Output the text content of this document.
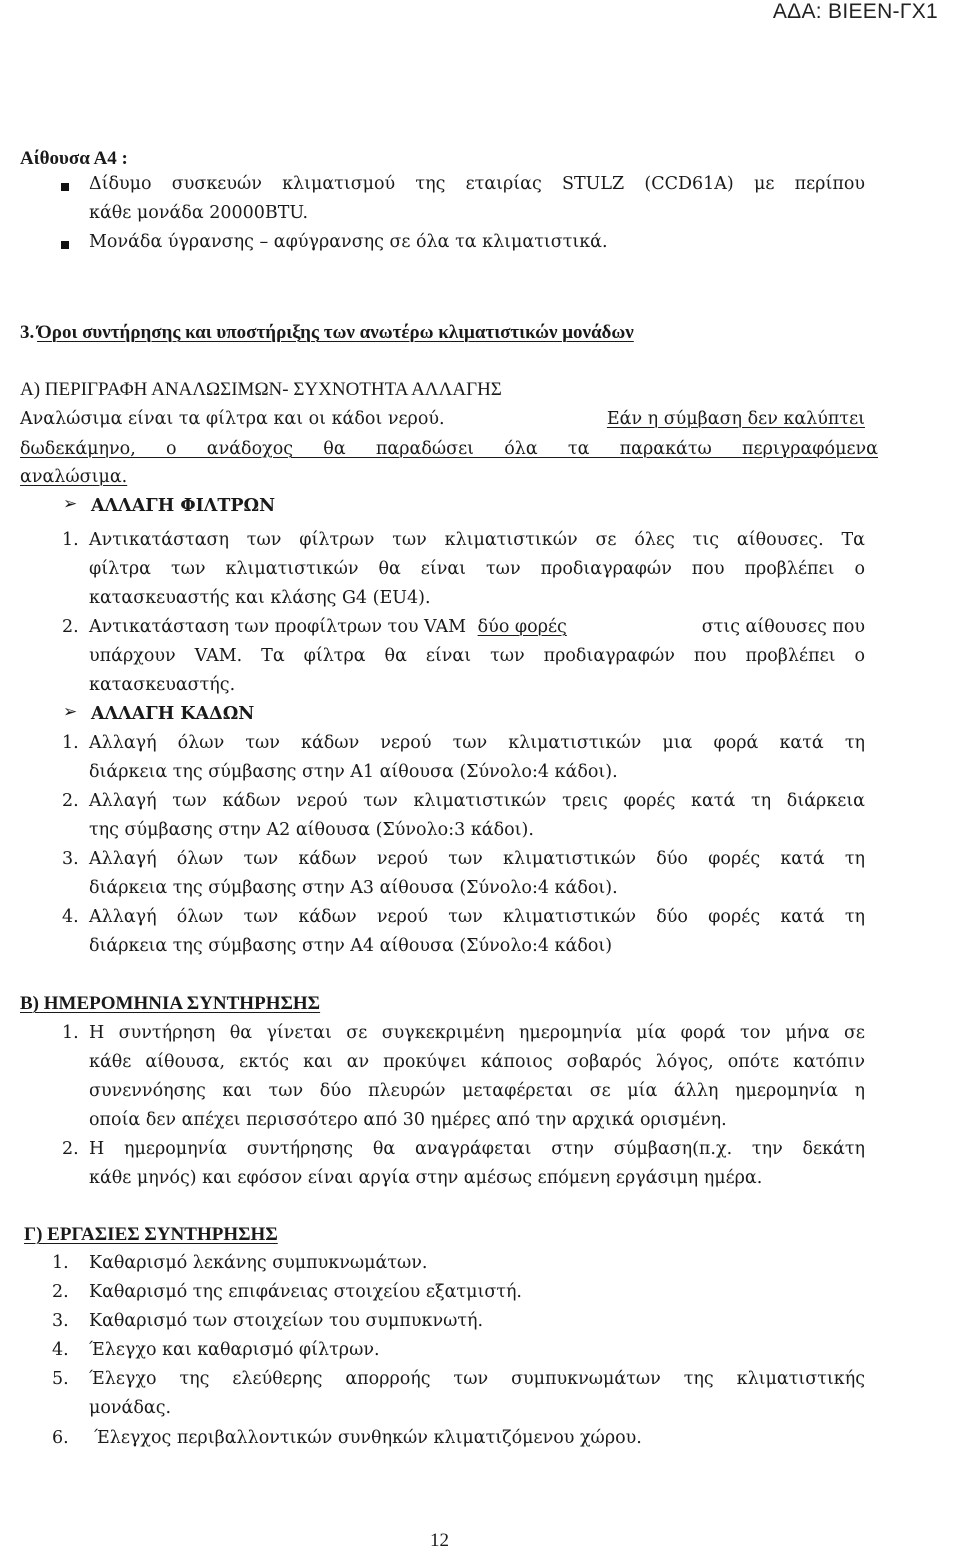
ΑΔΑ: ΒΙΕΕΝ-ΓΧ1
Αίθουσα Α4 :
Δίδυμο συσκευών κλιματισμού της εταιρίας STULZ (CCD61A) με περίπου
κάθε μονάδα 20000BTU.
Μονάδα ύγρανσης – αφύγρανσης σε όλα τα κλιματιστικά.
3. Όροι συντήρησης και υποστήριξης των ανωτέρω κλιματιστικών μονάδων
Α) ΠΕΡΙΓΡΑΦΗ ΑΝΑΛΩΣΙΜΩΝ- ΣΥΧΝΟΤΗΤΑ ΑΛΛΑΓΗΣ
Αναλώσιμα είναι τα φίλτρα και οι κάδοι νερού.	Εάν η σύμβαση δεν καλύπτει
δωδεκάμηνο, ο ανάδοχος θα παραδώσει όλα τα παρακάτω περιγραφόμενα
αναλώσιμα.
➢ ΑΛΛΑΓΗ ΦΙΛΤΡΩΝ
1. Αντικατάσταση των φίλτρων των κλιματιστικών σε όλες τις αίθουσες. Τα
φίλτρα των κλιματιστικών θα είναι των προδιαγραφών που προβλέπει ο
κατασκευαστής και κλάσης G4 (EU4).
2. Αντικατάσταση των προφίλτρων του VAM δύο φορές	στις αίθουσες που
υπάρχουν VAM. Τα φίλτρα θα είναι των προδιαγραφών που προβλέπει ο
κατασκευαστής.
➢ ΑΛΛΑΓΗ ΚΑΔΩΝ
1. Αλλαγή όλων των κάδων νερού των κλιματιστικών μια φορά κατά τη
διάρκεια της σύμβασης στην Α1 αίθουσα (Σύνολο:4 κάδοι).
2. Αλλαγή των κάδων νερού των κλιματιστικών τρεις φορές κατά τη διάρκεια
της σύμβασης στην Α2 αίθουσα (Σύνολο:3 κάδοι).
3. Αλλαγή όλων των κάδων νερού των κλιματιστικών δύο φορές κατά τη
διάρκεια της σύμβασης στην Α3 αίθουσα (Σύνολο:4 κάδοι).
4. Αλλαγή όλων των κάδων νερού των κλιματιστικών δύο φορές κατά τη
διάρκεια της σύμβασης στην Α4 αίθουσα (Σύνολο:4 κάδοι)
Β) ΗΜΕΡΟΜΗΝΙΑ ΣΥΝΤΗΡΗΣΗΣ
1. Η συντήρηση θα γίνεται σε συγκεκριμένη ημερομηνία μία φορά τον μήνα σε
κάθε αίθουσα, εκτός και αν προκύψει κάποιος σοβαρός λόγος, οπότε κατόπιν
συνεννόησης και των δύο πλευρών μεταφέρεται σε μία άλλη ημερομηνία η
οποία δεν απέχει περισσότερο από 30 ημέρες από την αρχικά ορισμένη.
2. Η ημερομηνία συντήρησης θα αναγράφεται στην σύμβαση(π.χ. την δεκάτη
κάθε μηνός) και εφόσον είναι αργία στην αμέσως επόμενη εργάσιμη ημέρα.
Γ) ΕΡΓΑΣΙΕΣ ΣΥΝΤΗΡΗΣΗΣ
1. Καθαρισμό λεκάνης συμπυκνωμάτων.
2. Καθαρισμό της επιφάνειας στοιχείου εξατμιστή.
3. Καθαρισμό των στοιχείων του συμπυκνωτή.
4. Έλεγχο και καθαρισμό φίλτρων.
5. Έλεγχο της ελεύθερης απορροής των συμπυκνωμάτων της κλιματιστικής
μονάδας.
6. Έλεγχος περιβαλλοντικών συνθηκών κλιματιζόμενου χώρου.
12
